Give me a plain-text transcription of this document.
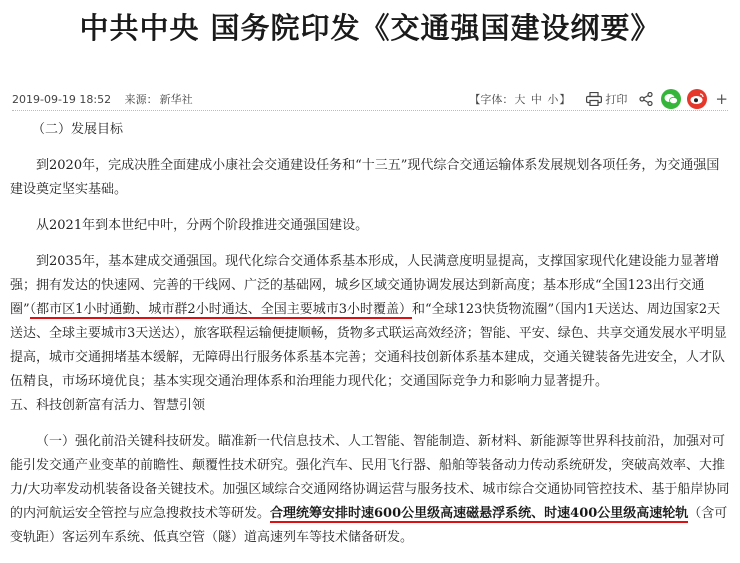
中共中央 国务院印发《交通强国建设纲要》
2019-09-19 18:52 来源： 新华社	【字体：大 中 小】	打印	+

（二）发展目标

到2020年，完成决胜全面建成小康社会交通建设任务和“十三五”现代综合交通运输体系发展规划各项任务，为交通强国建设奠定坚实基础。

从2021年到本世纪中叶，分两个阶段推进交通强国建设。

到2035年，基本建成交通强国。现代化综合交通体系基本形成，人民满意度明显提高，支撑国家现代化建设能力显著增强；拥有发达的快速网、完善的干线网、广泛的基础网，城乡区域交通协调发展达到新高度；基本形成“全国123出行交通圈”（都市区1小时通勤、城市群2小时通达、全国主要城市3小时覆盖）和“全球123快货物流圈”（国内1天送达、周边国家2天送达、全球主要城市3天送达），旅客联程运输便捷顺畅，货物多式联运高效经济；智能、平安、绿色、共享交通发展水平明显提高，城市交通拥堵基本缓解，无障碍出行服务体系基本完善；交通科技创新体系基本建成，交通关键装备先进安全，人才队伍精良，市场环境优良；基本实现交通治理体系和治理能力现代化；交通国际竞争力和影响力显著提升。

五、科技创新富有活力、智慧引领

（一）强化前沿关键科技研发。瞄准新一代信息技术、人工智能、智能制造、新材料、新能源等世界科技前沿，加强对可能引发交通产业变革的前瞻性、颠覆性技术研究。强化汽车、民用飞行器、船舶等装备动力传动系统研发，突破高效率、大推力/大功率发动机装备设备关键技术。加强区域综合交通网络协调运营与服务技术、城市综合交通协同管控技术、基于船岸协同的内河航运安全管控与应急搜救技术等研发。合理统筹安排时速600公里级高速磁悬浮系统、时速400公里级高速轮轨（含可变轨距）客运列车系统、低真空管（隧）道高速列车等技术储备研发。
